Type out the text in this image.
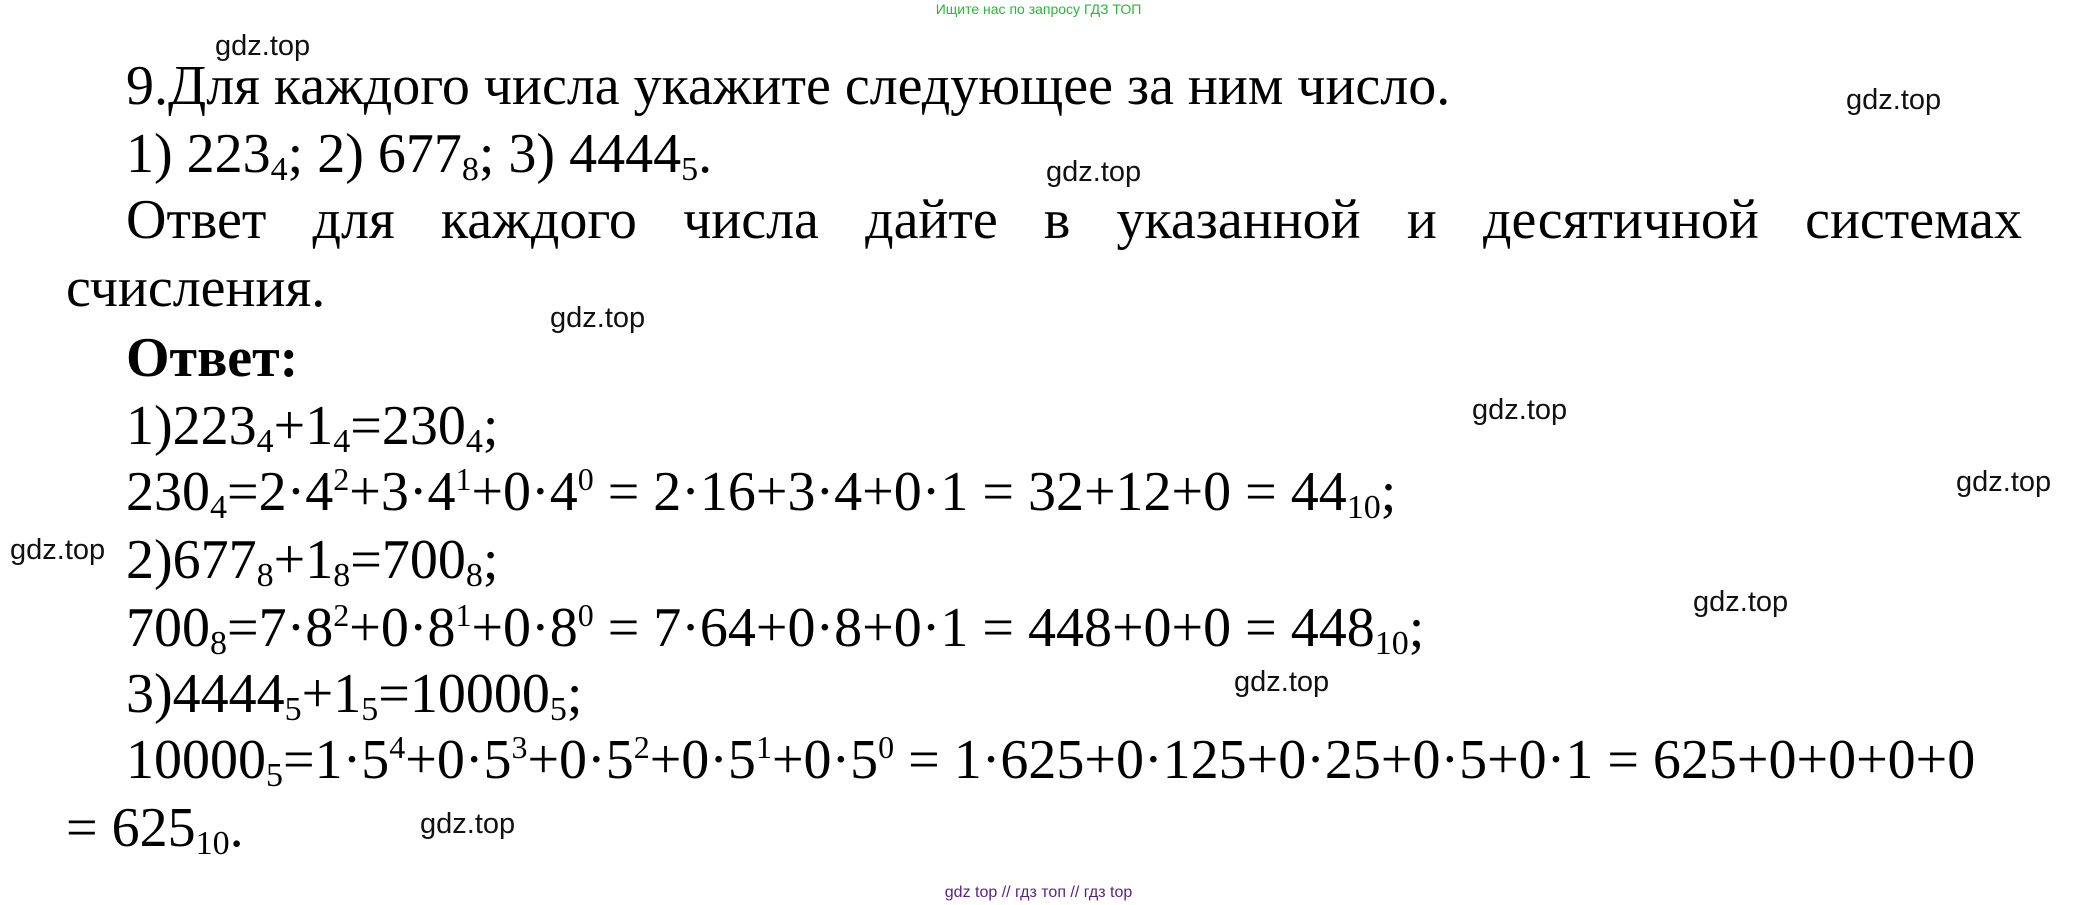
Ищите нас по запросу ГДЗ ТОП
gdz.top
gdz.top
gdz.top
gdz.top
gdz.top
gdz.top
gdz.top
gdz.top
gdz.top
gdz.top
9.Для каждого числа укажите следующее за ним число.
1) $223_4$; 2) $677_8$; 3) $4444_5$.
Ответ для каждого числа дайте в указанной и десятичной системах
счисления.
Ответ:
$1)223_4+1_4=230_4$;
$230_4=2\cdot 4^2+3\cdot 4^1+0\cdot 4^0 = 2\cdot 16+3\cdot 4+0\cdot 1 = 32+12+0 = 44_{10}$;
$2)677_8+1_8=700_8$;
$700_8=7\cdot 8^2+0\cdot 8^1+0\cdot 8^0 = 7\cdot 64+0\cdot 8+0\cdot 1 = 448+0+0 = 448_{10}$;
$3)4444_5+1_5=10000_5$;
$10000_5=1\cdot 5^4+0\cdot 5^3+0\cdot 5^2+0\cdot 5^1+0\cdot 5^0 = 1\cdot 625+0\cdot 125+0\cdot 25+0\cdot 5+0\cdot 1 = 625+0+0+0+0$
= $625_{10}$.
gdz top // гдз топ // гдз top
